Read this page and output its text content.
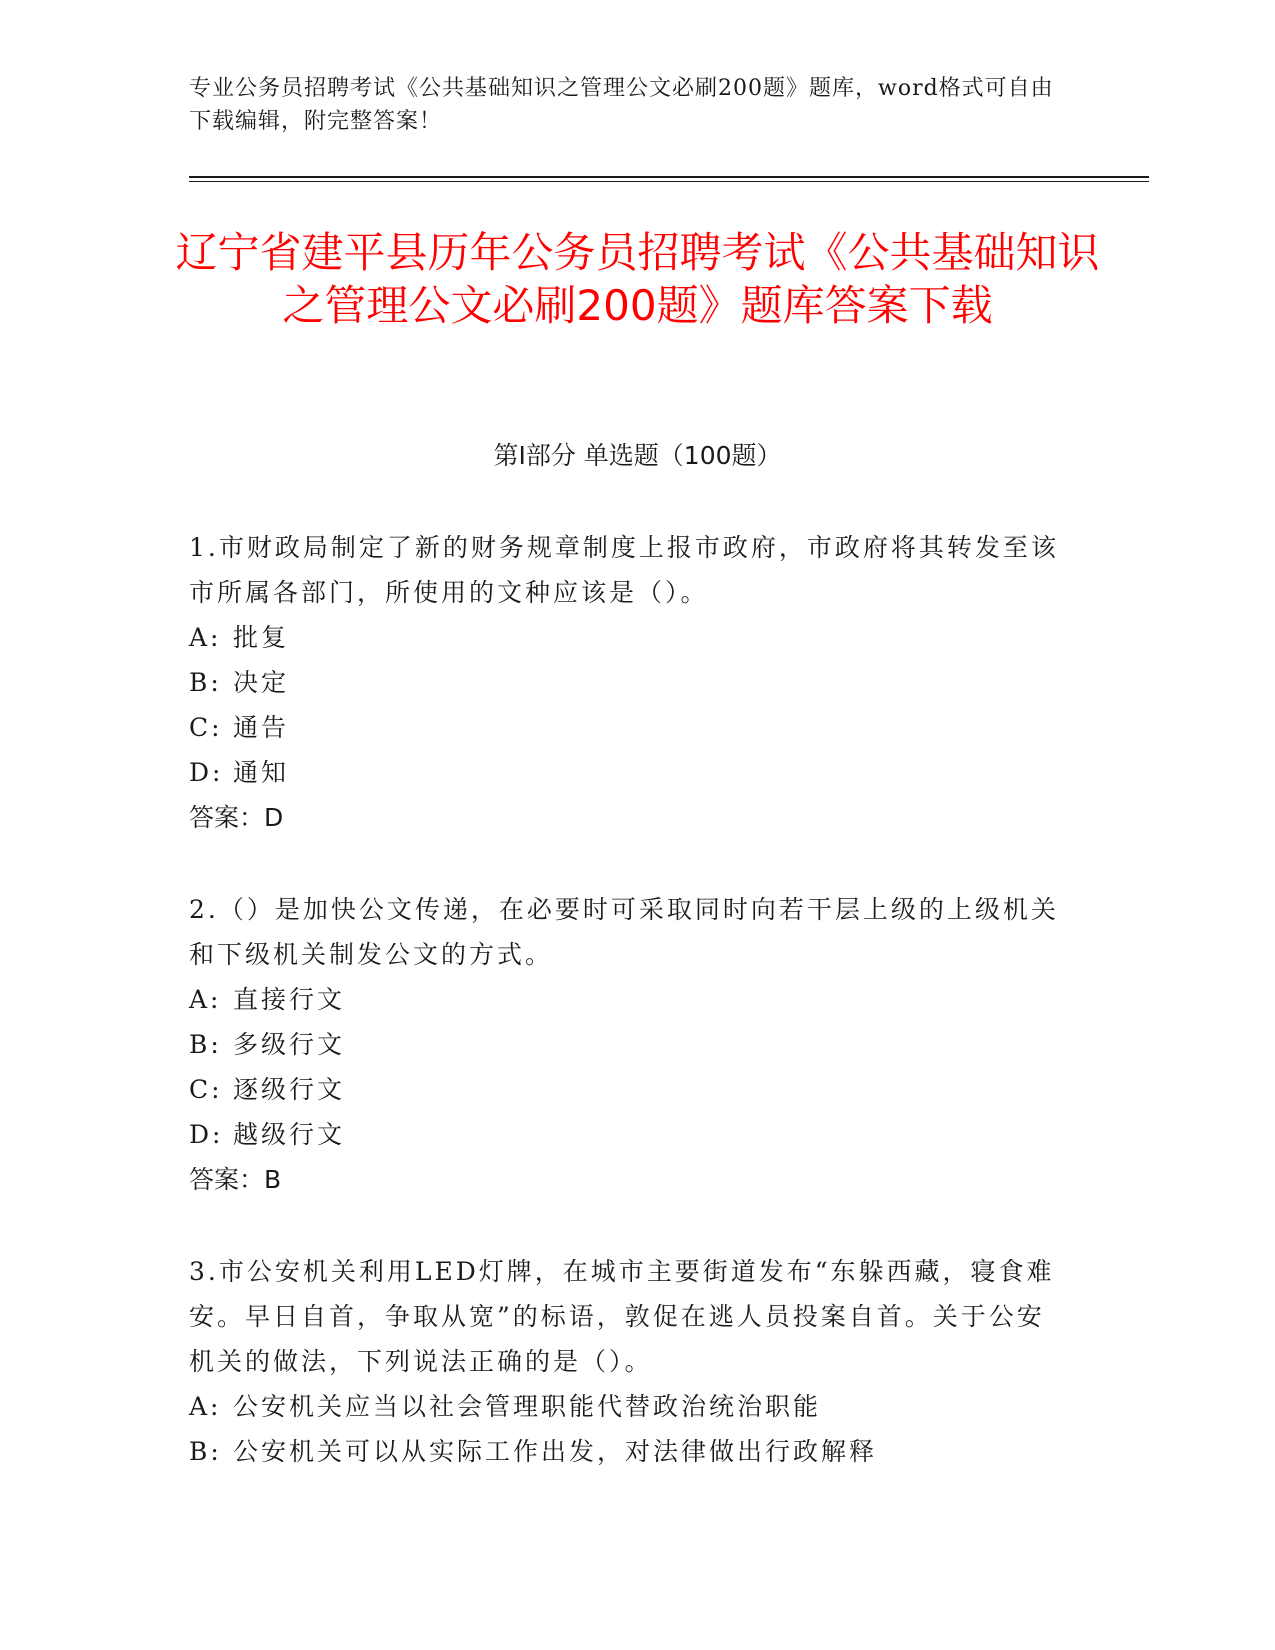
专业公务员招聘考试《公共基础知识之管理公文必刷200题》题库，word格式可自由下载编辑，附完整答案！
辽宁省建平县历年公务员招聘考试《公共基础知识之管理公文必刷200题》题库答案下载
第Ⅰ部分 单选题（100题）

1.市财政局制定了新的财务规章制度上报市政府，市政府将其转发至该市所属各部门，所使用的文种应该是（）。

A: 批复

B: 决定

C: 通告

D: 通知

答案：D

2.（）是加快公文传递，在必要时可采取同时向若干层上级的上级机关和下级机关制发公文的方式。

A: 直接行文

B: 多级行文

C: 逐级行文

D: 越级行文

答案：B

3.市公安机关利用LED灯牌，在城市主要街道发布“东躲西藏，寝食难安。早日自首，争取从宽”的标语，敦促在逃人员投案自首。关于公安机关的做法，下列说法正确的是（）。

A: 公安机关应当以社会管理职能代替政治统治职能

B: 公安机关可以从实际工作出发，对法律做出行政解释
